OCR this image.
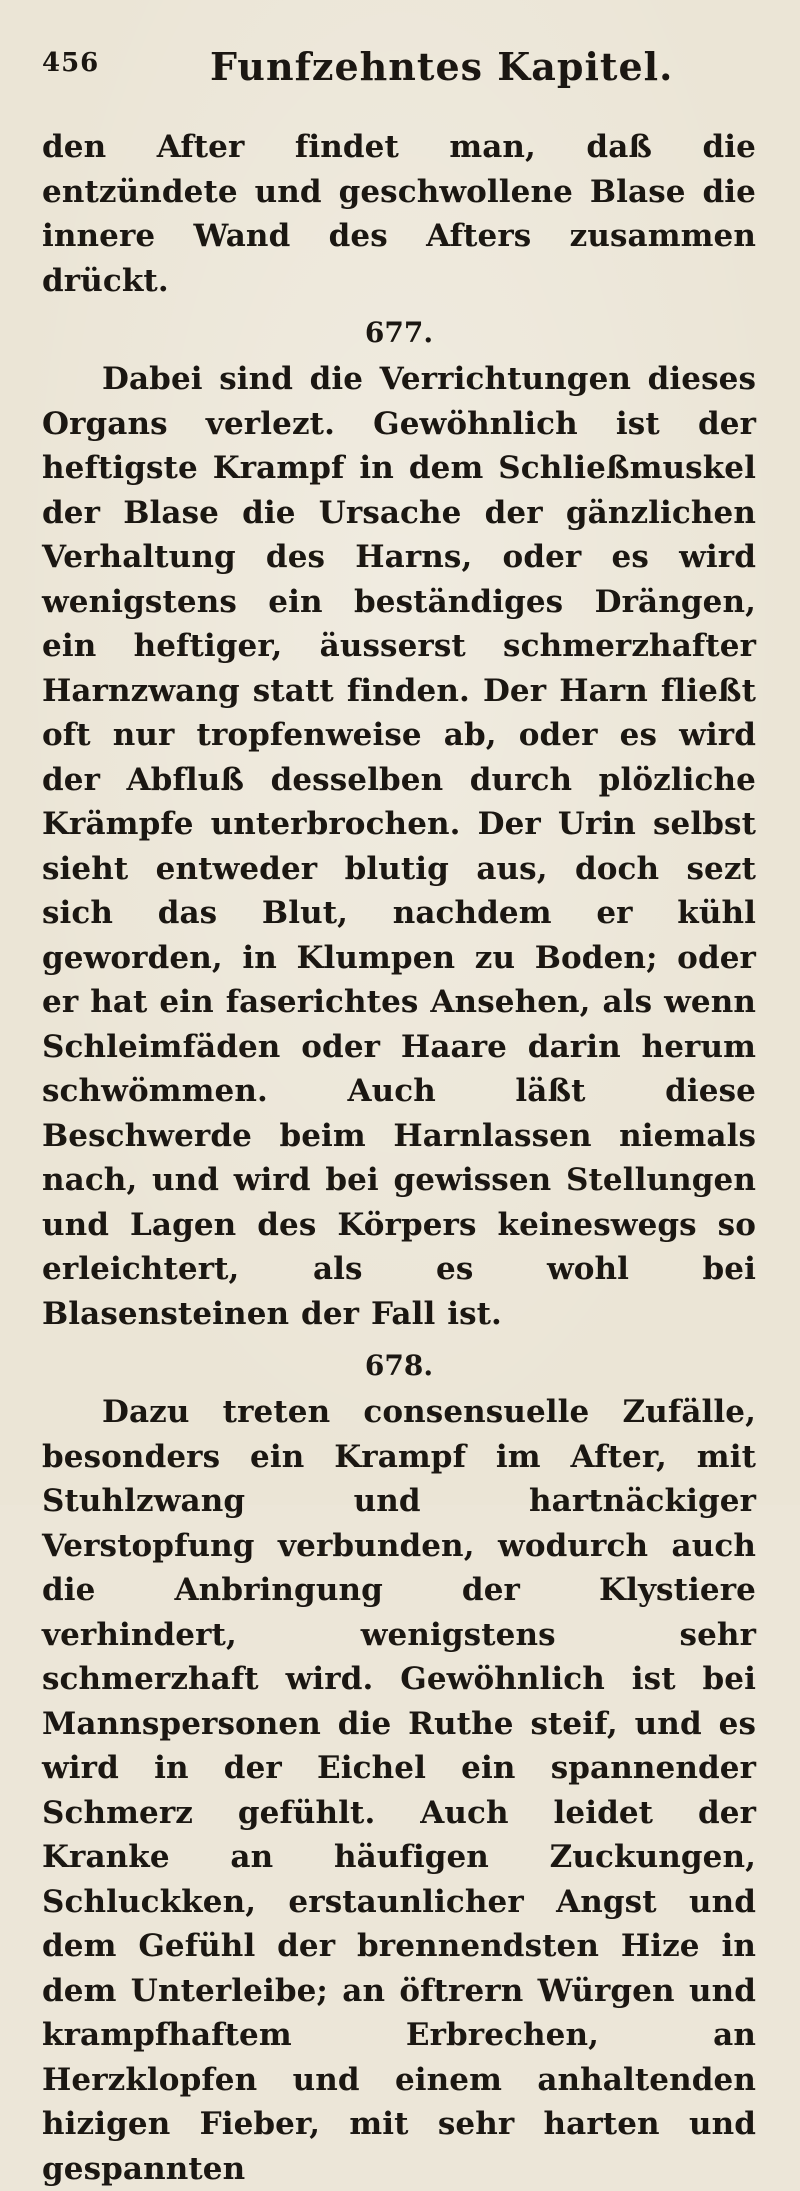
456	Funfzehntes Kapitel.

den After findet man, daß die entzündete und geschwollene Blase die innere Wand des Afters zusammen drückt.

677.

Dabei sind die Verrichtungen dieses Organs verlezt. Gewöhnlich ist der heftigste Krampf in dem Schließmuskel der Blase die Ursache der gänzlichen Verhaltung des Harns, oder es wird wenigstens ein beständiges Drängen, ein heftiger, äusserst schmerzhafter Harnzwang statt finden. Der Harn fließt oft nur tropfenweise ab, oder es wird der Abfluß desselben durch plözliche Krämpfe unterbrochen. Der Urin selbst sieht entweder blutig aus, doch sezt sich das Blut, nachdem er kühl geworden, in Klumpen zu Boden; oder er hat ein faserichtes Ansehen, als wenn Schleimfäden oder Haare darin herum schwömmen. Auch läßt diese Beschwerde beim Harnlassen niemals nach, und wird bei gewissen Stellungen und Lagen des Körpers keineswegs so erleichtert, als es wohl bei Blasensteinen der Fall ist.

678.

Dazu treten consensuelle Zufälle, besonders ein Krampf im After, mit Stuhlzwang und hartnäckiger Verstopfung verbunden, wodurch auch die Anbringung der Klystiere verhindert, wenigstens sehr schmerzhaft wird. Gewöhnlich ist bei Mannspersonen die Ruthe steif, und es wird in der Eichel ein spannender Schmerz gefühlt. Auch leidet der Kranke an häufigen Zuckungen, Schluckken, erstaunlicher Angst und dem Gefühl der brennendsten Hize in dem Unterleibe; an öftrern Würgen und krampfhaftem Erbrechen, an Herzklopfen und einem anhaltenden hizigen Fieber, mit sehr harten und gespannten
